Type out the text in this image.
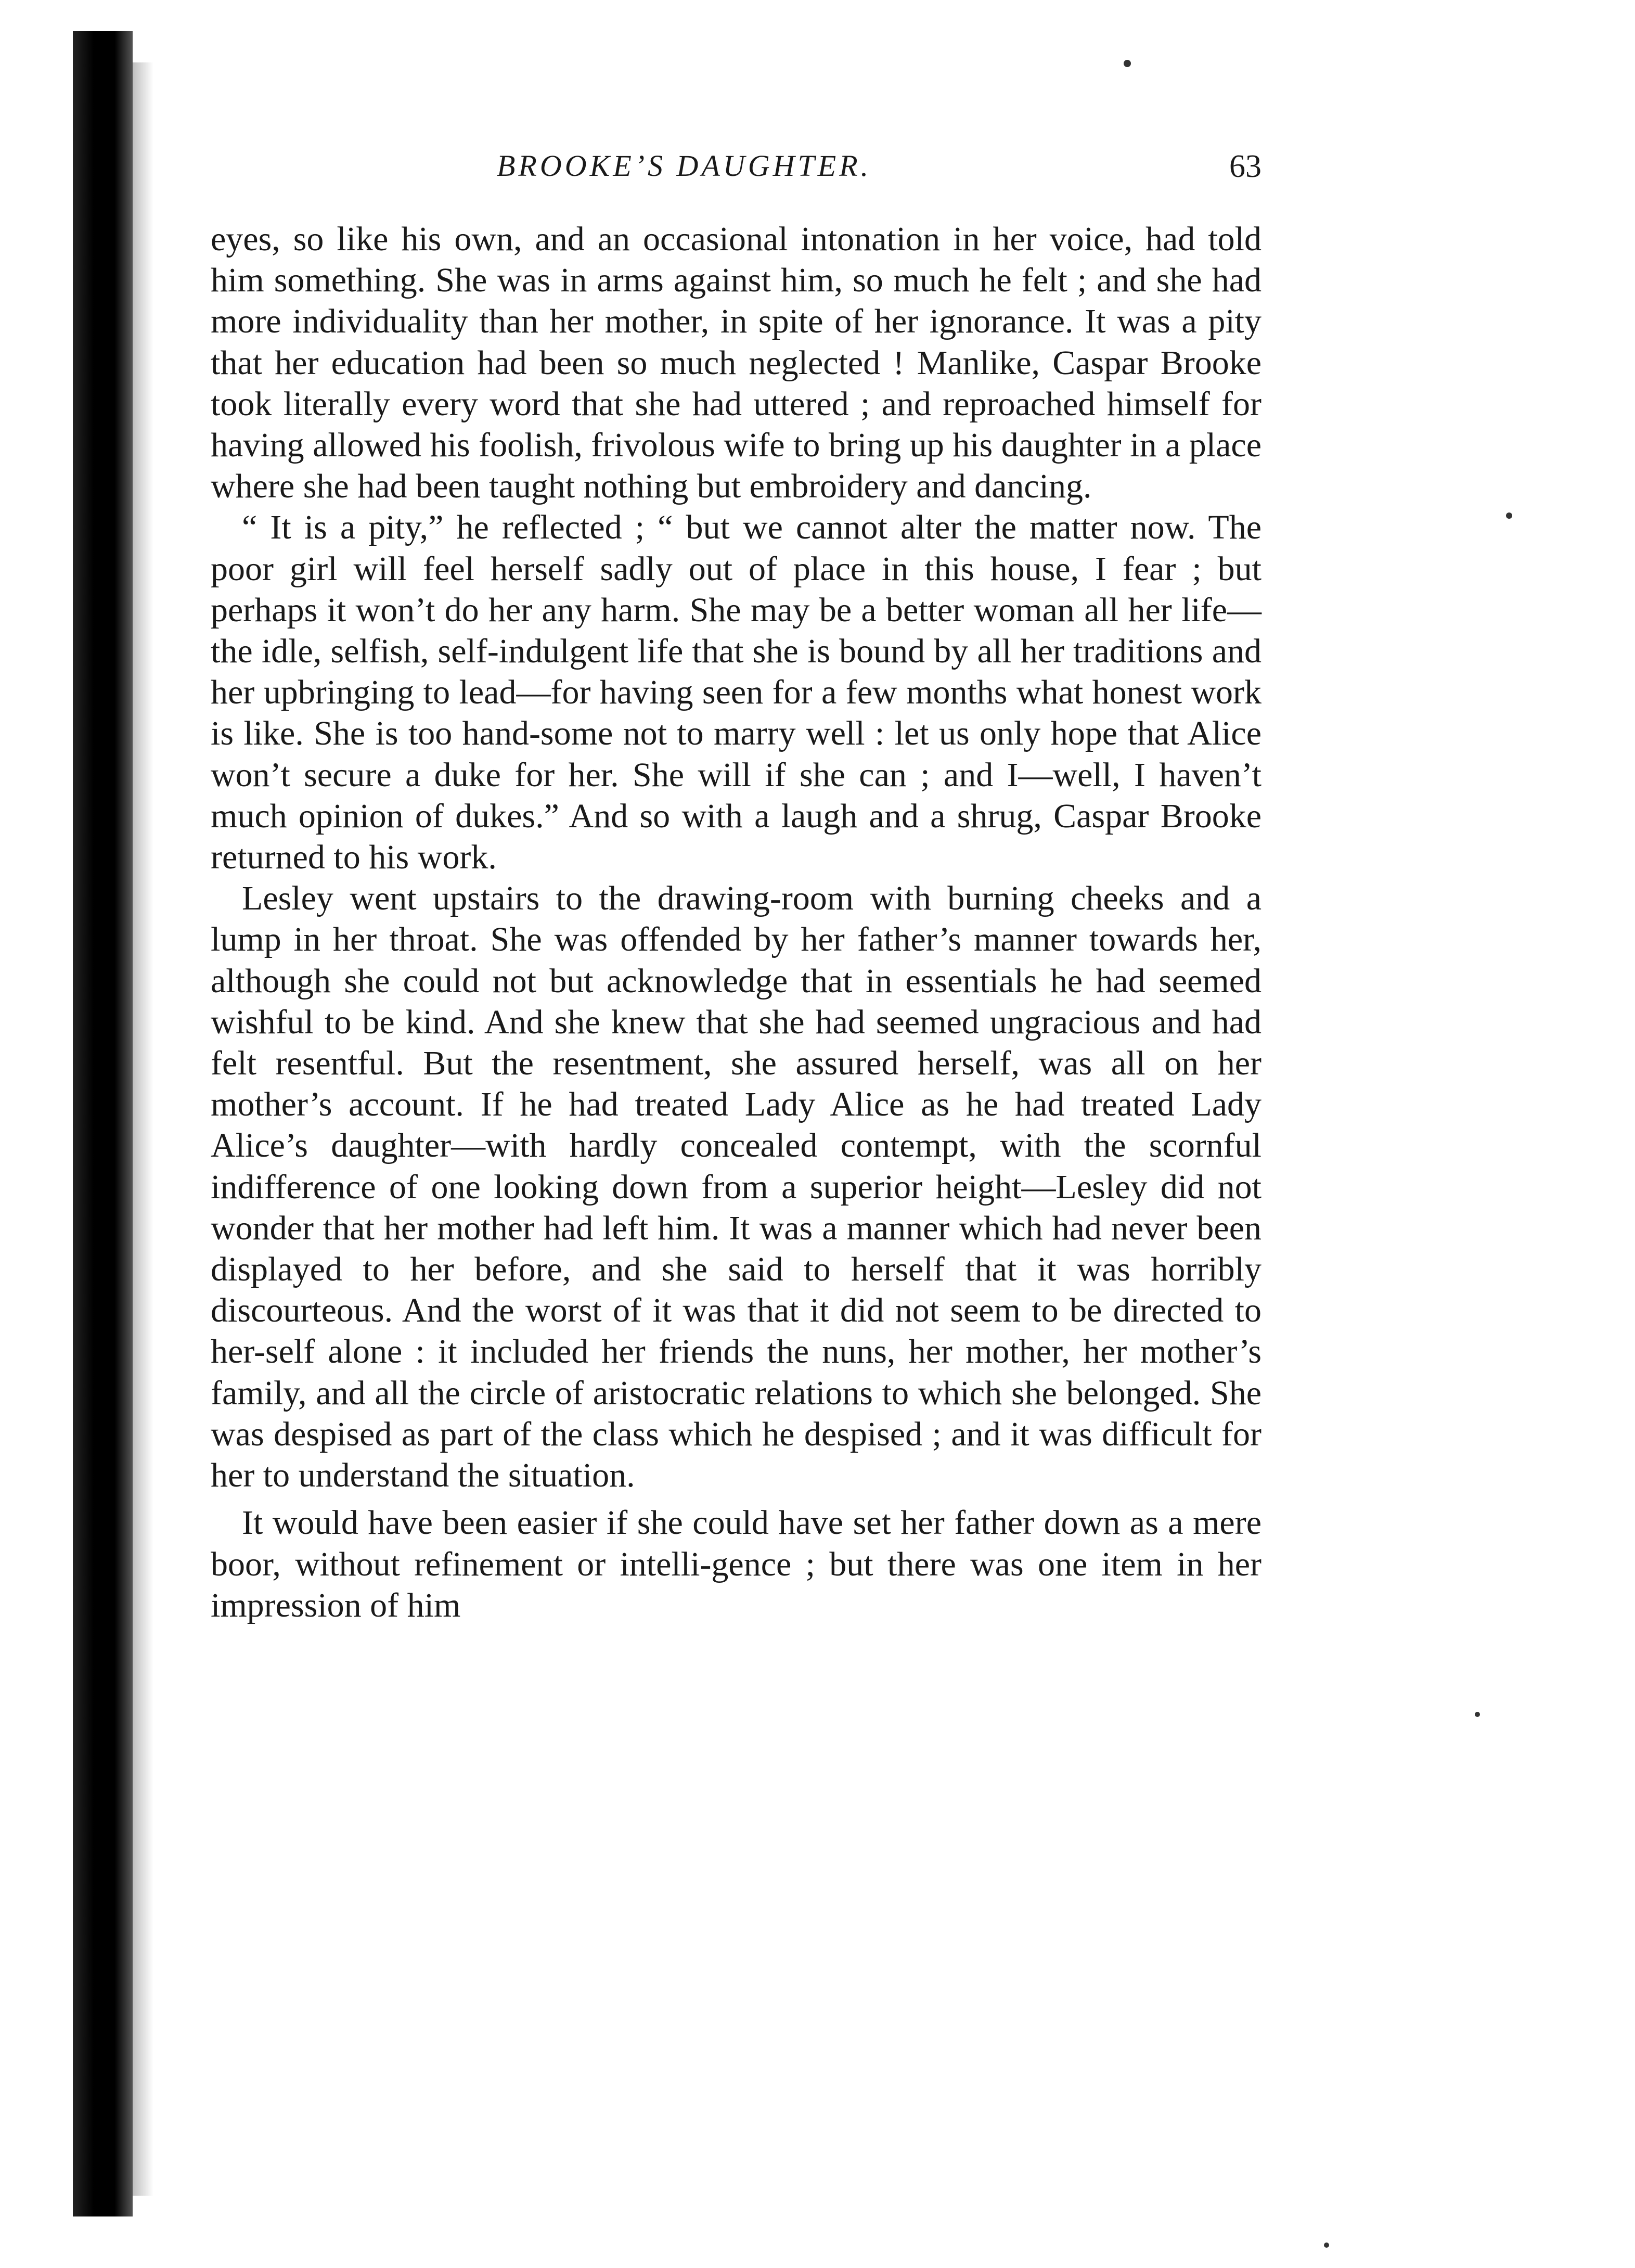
BROOKE’S DAUGHTER.	63

eyes, so like his own, and an occasional intonation in her voice, had told him something. She was in arms against him, so much he felt ; and she had more individuality than her mother, in spite of her ignorance. It was a pity that her education had been so much neglected ! Manlike, Caspar Brooke took literally every word that she had uttered ; and reproached himself for having allowed his foolish, frivolous wife to bring up his daughter in a place where she had been taught nothing but embroidery and dancing.

“ It is a pity,” he reflected ; “ but we cannot alter the matter now. The poor girl will feel herself sadly out of place in this house, I fear ; but perhaps it won’t do her any harm. She may be a better woman all her life—the idle, selfish, self-indulgent life that she is bound by all her traditions and her upbringing to lead—for having seen for a few months what honest work is like. She is too hand-some not to marry well : let us only hope that Alice won’t secure a duke for her. She will if she can ; and I—well, I haven’t much opinion of dukes.” And so with a laugh and a shrug, Caspar Brooke returned to his work.

Lesley went upstairs to the drawing-room with burning cheeks and a lump in her throat. She was offended by her father’s manner towards her, although she could not but acknowledge that in essentials he had seemed wishful to be kind. And she knew that she had seemed ungracious and had felt resentful. But the resentment, she assured herself, was all on her mother’s account. If he had treated Lady Alice as he had treated Lady Alice’s daughter—with hardly concealed contempt, with the scornful indifference of one looking down from a superior height—Lesley did not wonder that her mother had left him. It was a manner which had never been displayed to her before, and she said to herself that it was horribly discourteous. And the worst of it was that it did not seem to be directed to her-self alone : it included her friends the nuns, her mother, her mother’s family, and all the circle of aristocratic relations to which she belonged. She was despised as part of the class which he despised ; and it was difficult for her to understand the situation.

It would have been easier if she could have set her father down as a mere boor, without refinement or intelli-gence ; but there was one item in her impression of him
